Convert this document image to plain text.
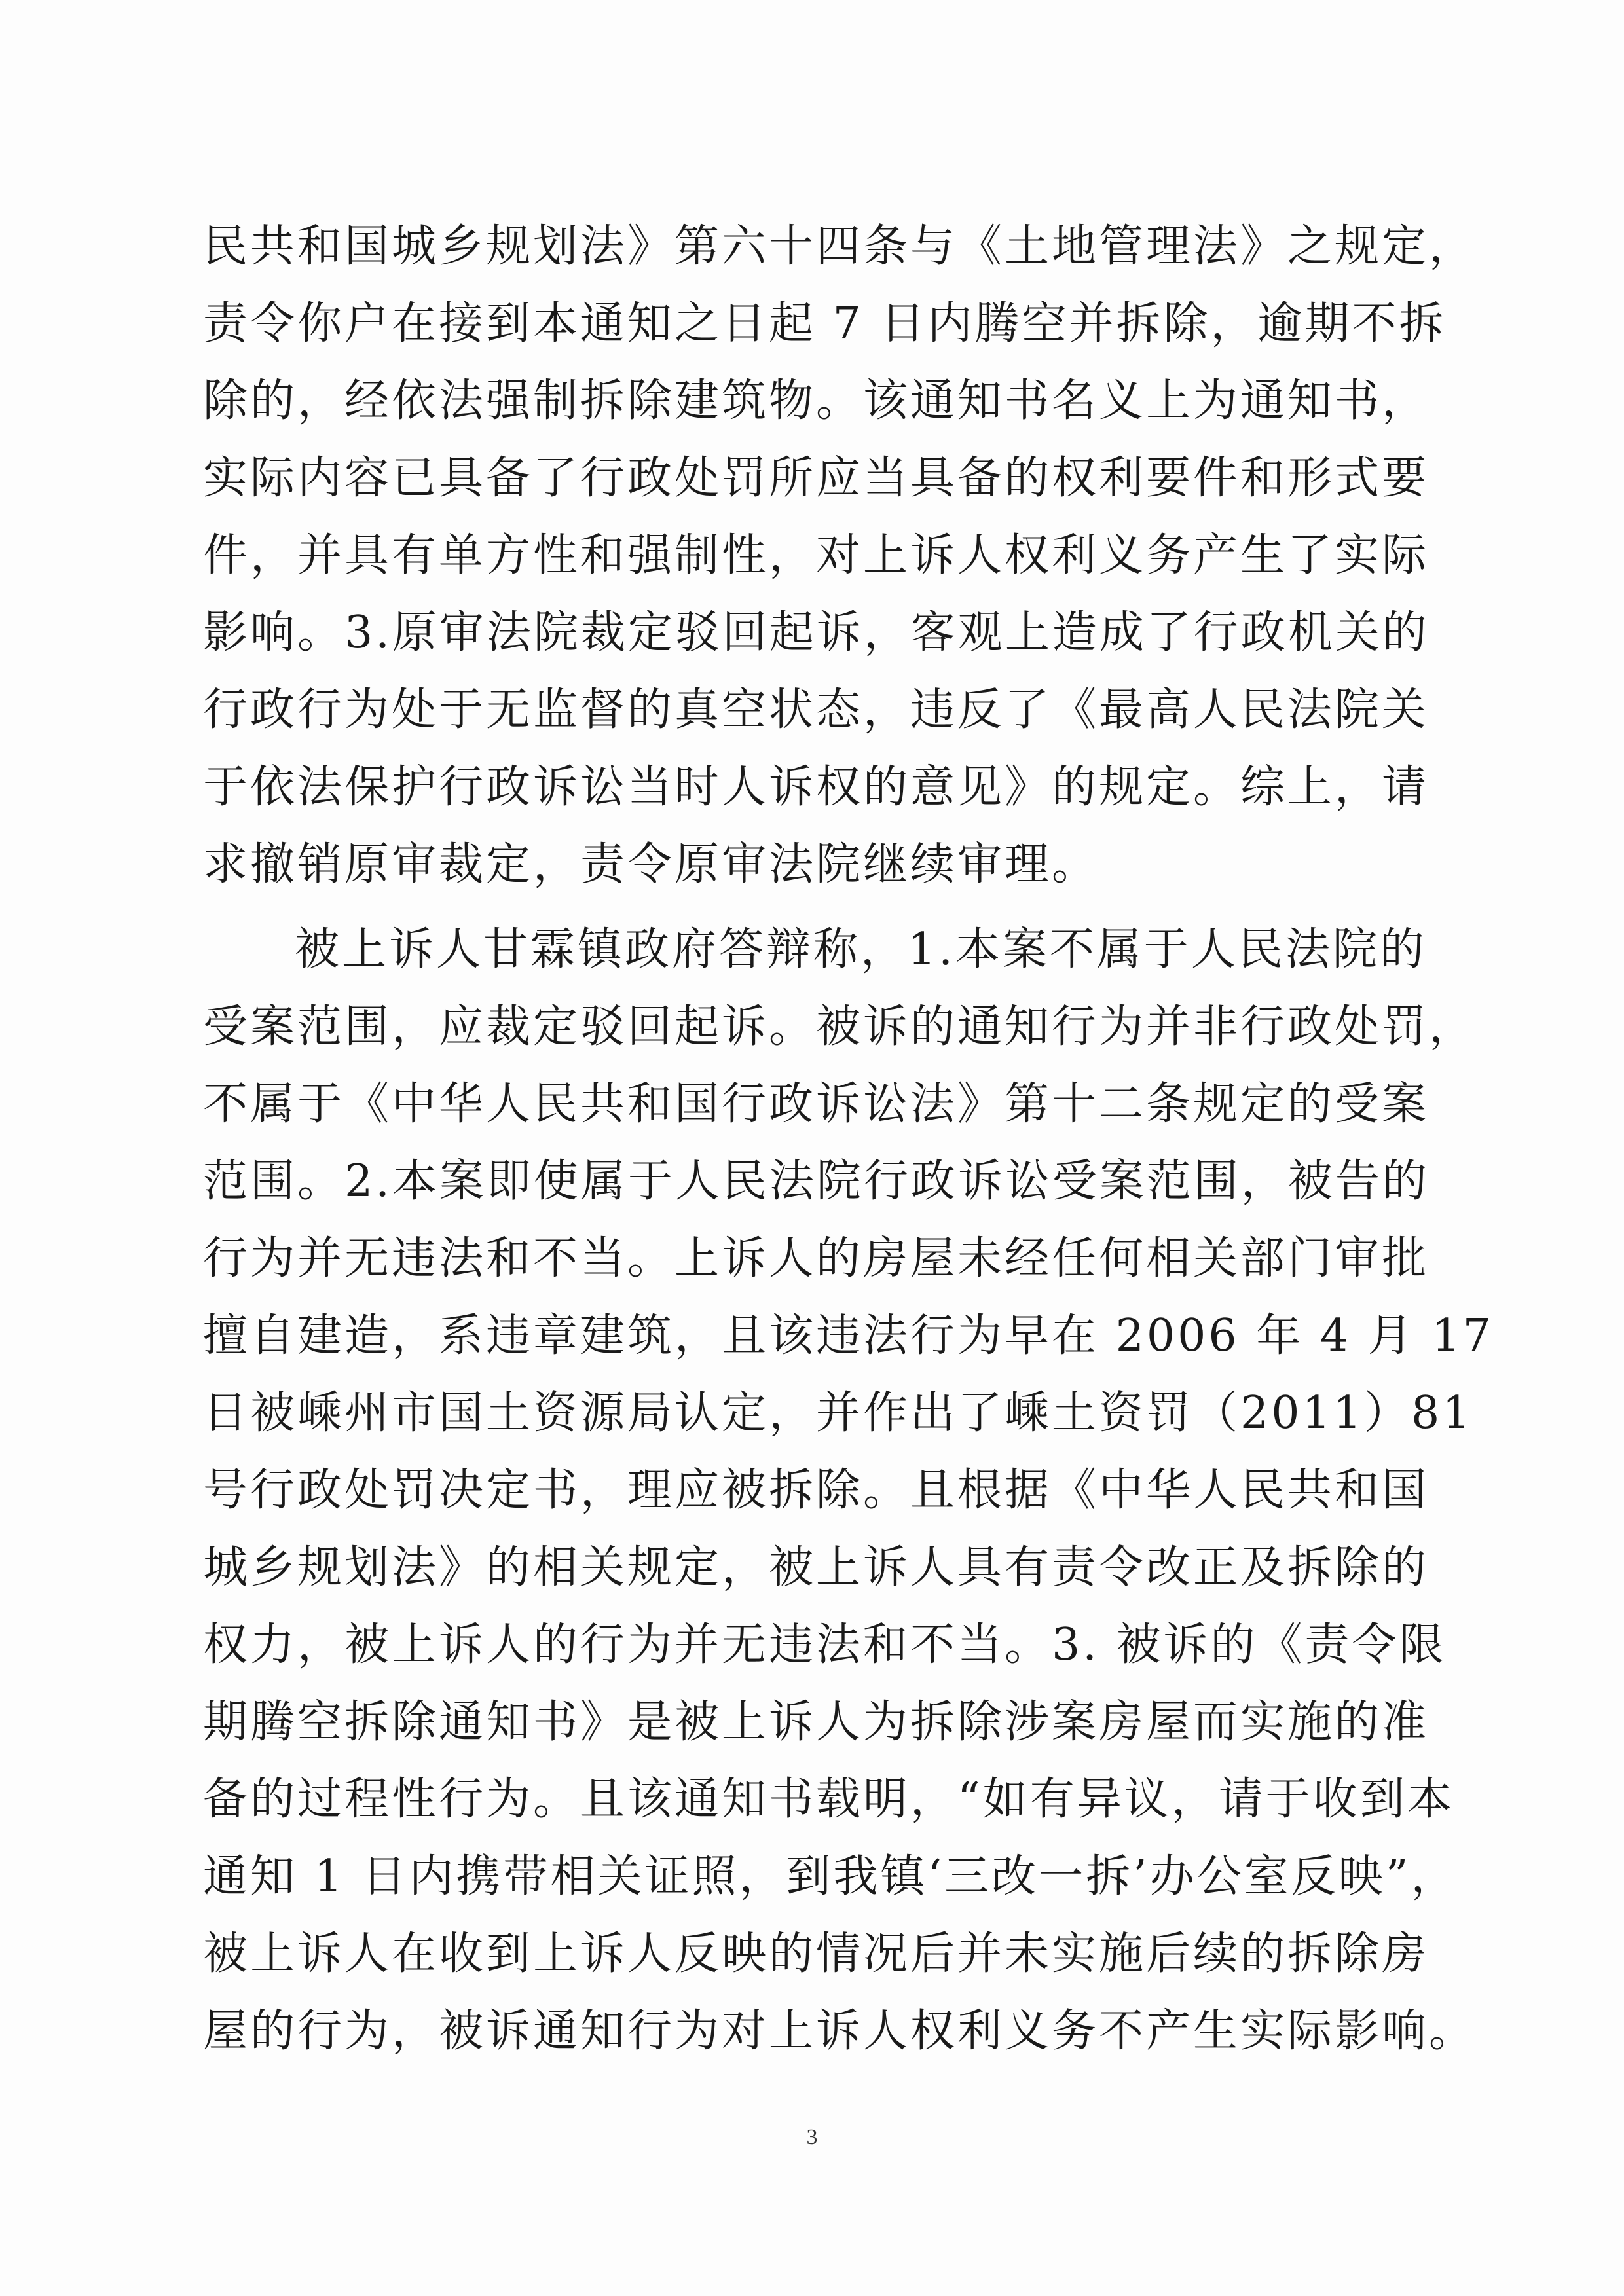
民共和国城乡规划法》第六十四条与《土地管理法》之规定，
责令你户在接到本通知之日起 7 日内腾空并拆除，逾期不拆
除的，经依法强制拆除建筑物。该通知书名义上为通知书，
实际内容已具备了行政处罚所应当具备的权利要件和形式要
件，并具有单方性和强制性，对上诉人权利义务产生了实际
影响。3.原审法院裁定驳回起诉，客观上造成了行政机关的
行政行为处于无监督的真空状态，违反了《最高人民法院关
于依法保护行政诉讼当时人诉权的意见》的规定。综上，请
求撤销原审裁定，责令原审法院继续审理。
被上诉人甘霖镇政府答辩称，1.本案不属于人民法院的
受案范围，应裁定驳回起诉。被诉的通知行为并非行政处罚，
不属于《中华人民共和国行政诉讼法》第十二条规定的受案
范围。2.本案即使属于人民法院行政诉讼受案范围，被告的
行为并无违法和不当。上诉人的房屋未经任何相关部门审批
擅自建造，系违章建筑，且该违法行为早在 2006 年 4 月 17
日被嵊州市国土资源局认定，并作出了嵊土资罚（2011）81
号行政处罚决定书，理应被拆除。且根据《中华人民共和国
城乡规划法》的相关规定，被上诉人具有责令改正及拆除的
权力，被上诉人的行为并无违法和不当。3. 被诉的《责令限
期腾空拆除通知书》是被上诉人为拆除涉案房屋而实施的准
备的过程性行为。且该通知书载明，“如有异议，请于收到本
通知 1 日内携带相关证照，到我镇‘三改一拆’办公室反映”，
被上诉人在收到上诉人反映的情况后并未实施后续的拆除房
屋的行为，被诉通知行为对上诉人权利义务不产生实际影响。
3
